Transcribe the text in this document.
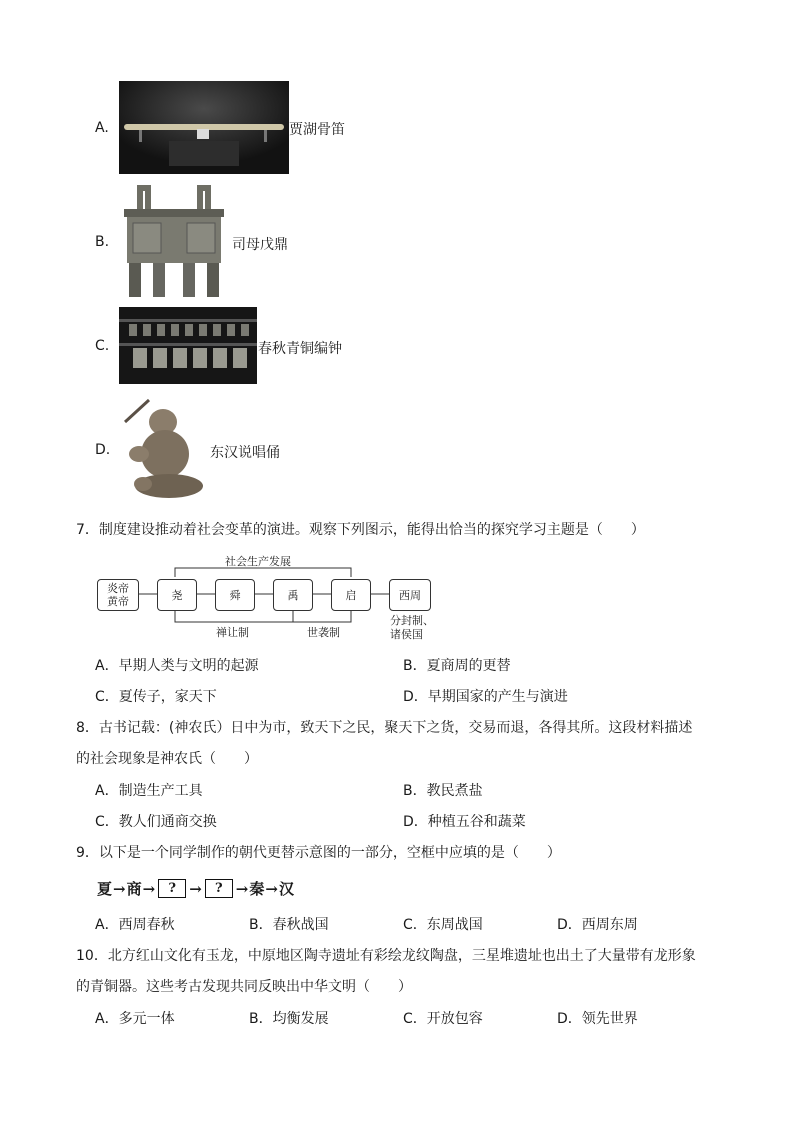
A.	贾湖骨笛
B.	司母戊鼎
C.	春秋青铜编钟
D.	东汉说唱俑
7．制度建设推动着社会变革的演进。观察下列图示，能得出恰当的探究学习主题是（　　）
社会生产发展
炎帝
黄帝	尧	舜	禹	启	西周
禅让制	世袭制
分封制、
诸侯国
A．早期人类与文明的起源	B．夏商周的更替
C．夏传子，家天下	D．早期国家的产生与演进
8．古书记载：(神农氏）日中为市，致天下之民，聚天下之货，交易而退，各得其所。这段材料描述
的社会现象是神农氏（　　）
A．制造生产工具	B．教民煮盐
C．教人们通商交换	D．种植五谷和蔬菜
9．以下是一个同学制作的朝代更替示意图的一部分，空框中应填的是（　　）
夏 → 商 →	? →	? → 秦 → 汉
A．西周春秋	B．春秋战国	C．东周战国	D．西周东周
10．北方红山文化有玉龙，中原地区陶寺遗址有彩绘龙纹陶盘，三星堆遗址也出土了大量带有龙形象
的青铜器。这些考古发现共同反映出中华文明（　　）
A．多元一体	B．均衡发展	C．开放包容	D．领先世界
